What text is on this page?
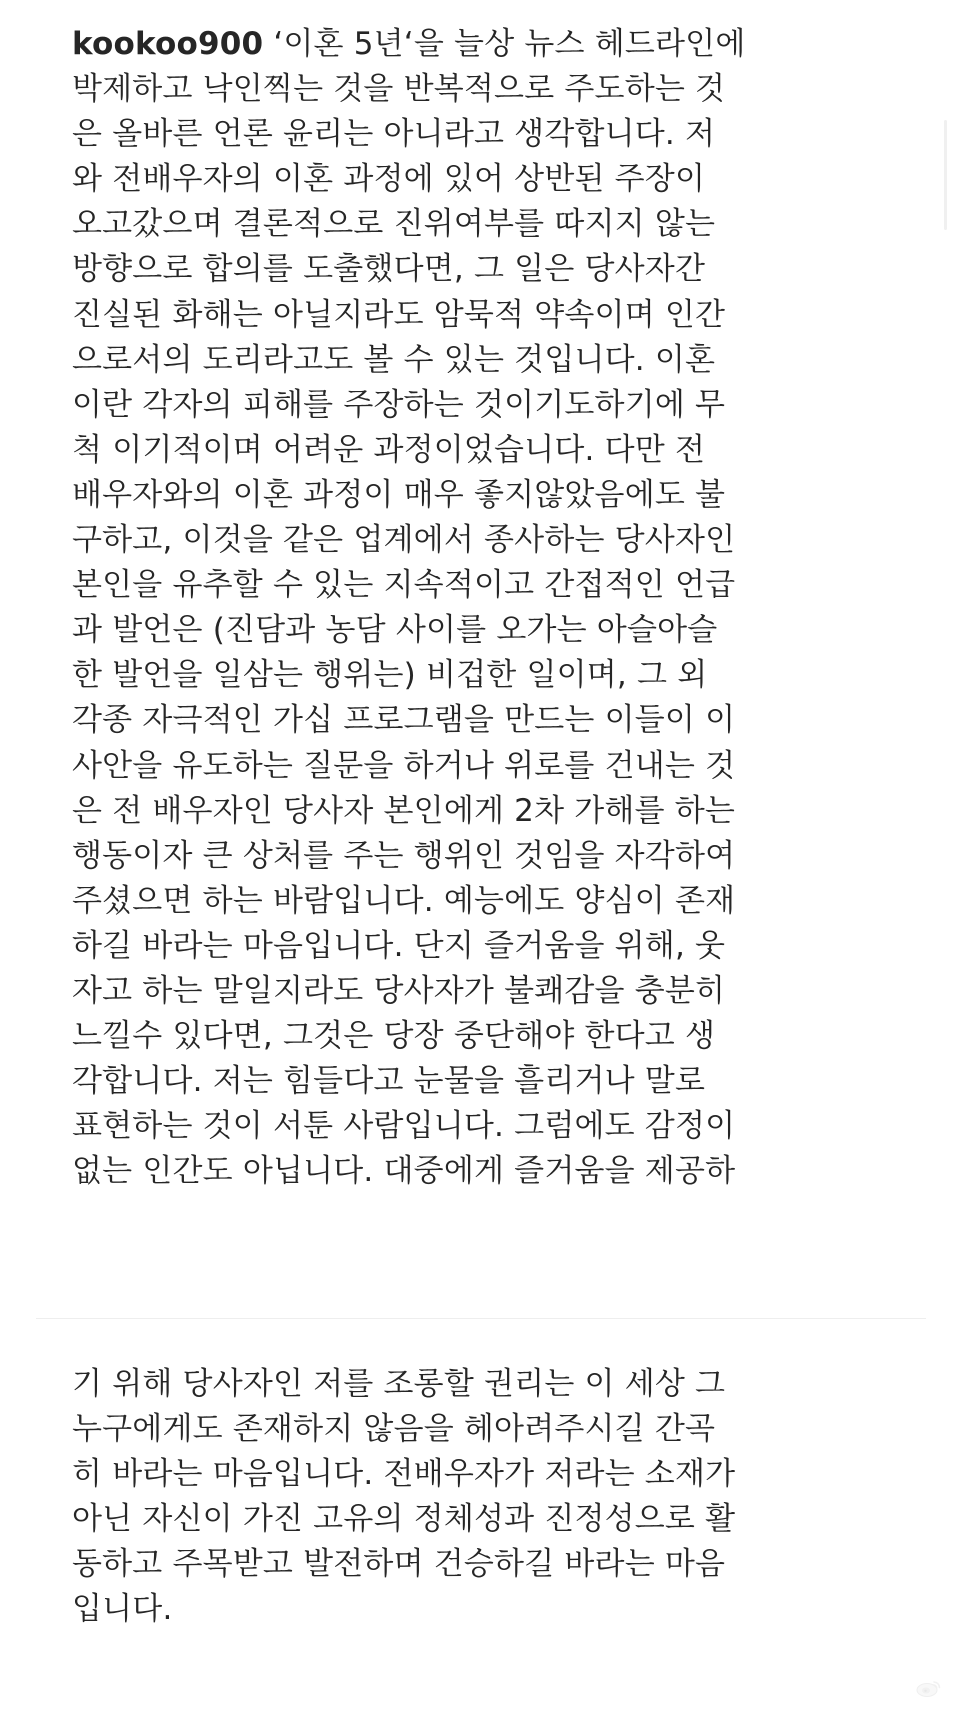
kookoo900 ‘이혼 5년‘을 늘상 뉴스 헤드라인에
박제하고 낙인찍는 것을 반복적으로 주도하는 것
은 올바른 언론 윤리는 아니라고 생각합니다. 저
와 전배우자의 이혼 과정에 있어 상반된 주장이
오고갔으며 결론적으로 진위여부를 따지지 않는
방향으로 합의를 도출했다면, 그 일은 당사자간
진실된 화해는 아닐지라도 암묵적 약속이며 인간
으로서의 도리라고도 볼 수 있는 것입니다. 이혼
이란 각자의 피해를 주장하는 것이기도하기에 무
척 이기적이며 어려운 과정이었습니다. 다만 전
배우자와의 이혼 과정이 매우 좋지않았음에도 불
구하고, 이것을 같은 업계에서 종사하는 당사자인
본인을 유추할 수 있는 지속적이고 간접적인 언급
과 발언은 (진담과 농담 사이를 오가는 아슬아슬
한 발언을 일삼는 행위는) 비겁한 일이며, 그 외
각종 자극적인 가십 프로그램을 만드는 이들이 이
사안을 유도하는 질문을 하거나 위로를 건내는 것
은 전 배우자인 당사자 본인에게 2차 가해를 하는
행동이자 큰 상처를 주는 행위인 것임을 자각하여
주셨으면 하는 바람입니다. 예능에도 양심이 존재
하길 바라는 마음입니다. 단지 즐거움을 위해, 웃
자고 하는 말일지라도 당사자가 불쾌감을 충분히
느낄수 있다면, 그것은 당장 중단해야 한다고 생
각합니다. 저는 힘들다고 눈물을 흘리거나 말로
표현하는 것이 서툰 사람입니다. 그럼에도 감정이
없는 인간도 아닙니다. 대중에게 즐거움을 제공하
기 위해 당사자인 저를 조롱할 권리는 이 세상 그
누구에게도 존재하지 않음을 헤아려주시길 간곡
히 바라는 마음입니다. 전배우자가 저라는 소재가
아닌 자신이 가진 고유의 정체성과 진정성으로 활
동하고 주목받고 발전하며 건승하길 바라는 마음
입니다.
